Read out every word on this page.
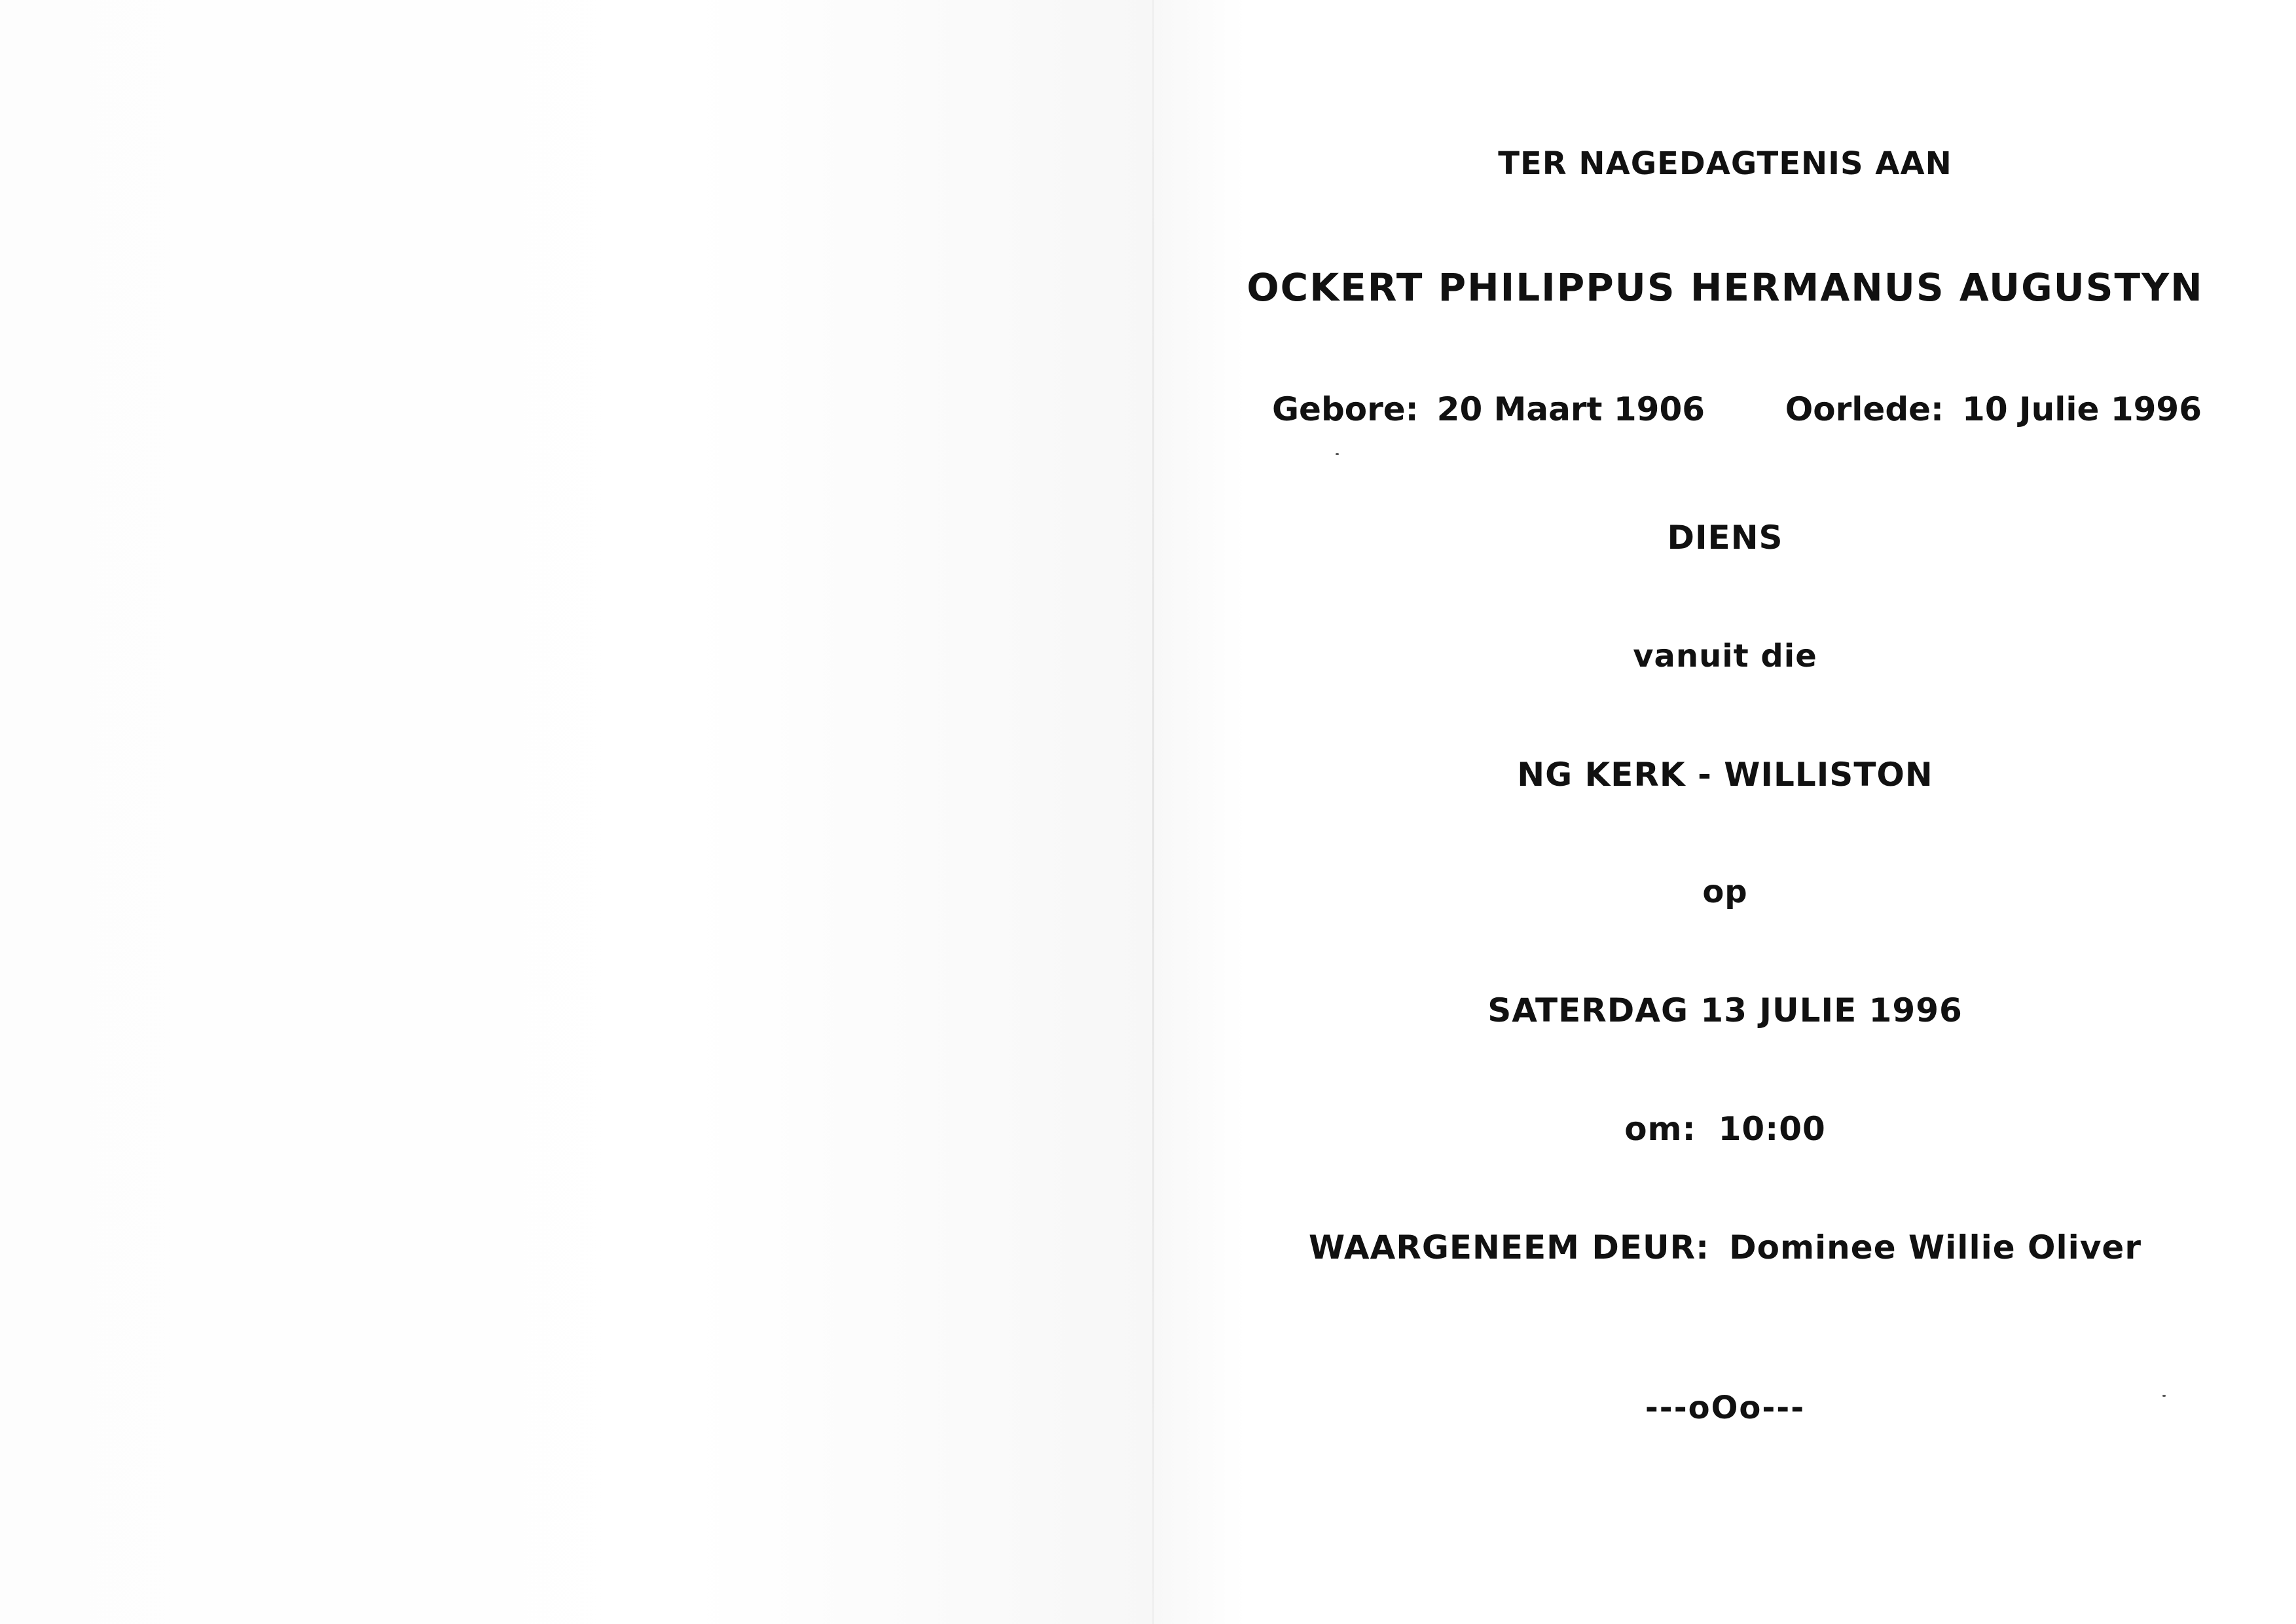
TER NAGEDAGTENIS AAN
OCKERT PHILIPPUS HERMANUS AUGUSTYN
Gebore: 20 Maart 1906 Oorlede: 10 Julie 1996
DIENS
vanuit die
NG KERK - WILLISTON
op
SATERDAG 13 JULIE 1996
om: 10:00
WAARGENEEM DEUR: Dominee Willie Oliver
---oOo---
